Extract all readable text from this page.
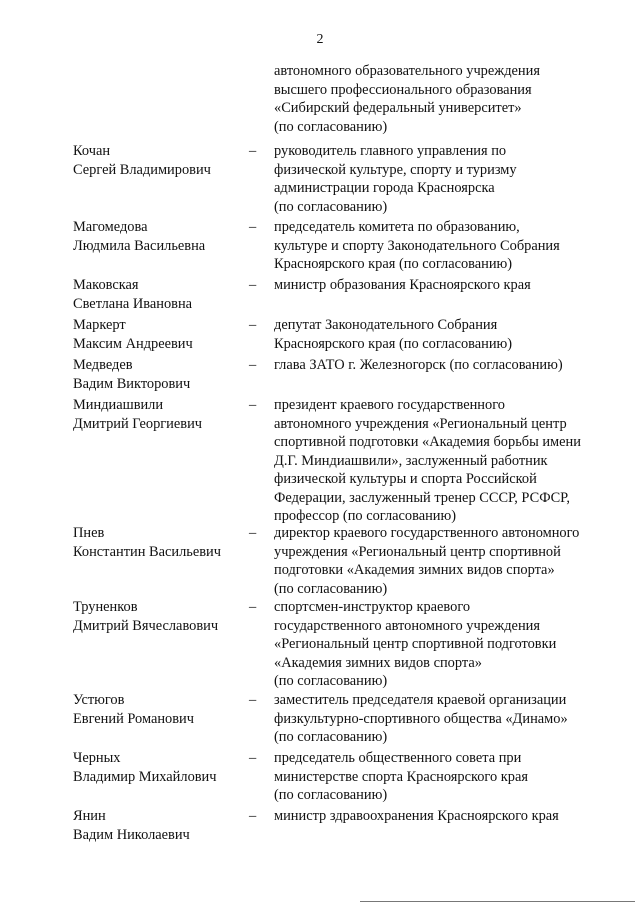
2
автономного образовательного учреждения
высшего профессионального образования
«Сибирский федеральный университет»
(по согласованию)
Кочан
Сергей Владимирович
– руководитель главного управления по
физической культуре, спорту и туризму
администрации города Красноярска
(по согласованию)
Магомедова
Людмила Васильевна
– председатель комитета по образованию,
культуре и спорту Законодательного Собрания
Красноярского края (по согласованию)
Маковская
Светлана Ивановна
– министр образования Красноярского края
Маркерт
Максим Андреевич
– депутат Законодательного Собрания
Красноярского края (по согласованию)
Медведев
Вадим Викторович
– глава ЗАТО г. Железногорск (по согласованию)
Миндиашвили
Дмитрий Георгиевич
– президент краевого государственного
автономного учреждения «Региональный центр
спортивной подготовки «Академия борьбы имени
Д.Г. Миндиашвили», заслуженный работник
физической культуры и спорта Российской
Федерации, заслуженный тренер СССР, РСФСР,
профессор (по согласованию)
Пнев
Константин Васильевич
– директор краевого государственного автономного
учреждения «Региональный центр спортивной
подготовки «Академия зимних видов спорта»
(по согласованию)
Труненков
Дмитрий Вячеславович
– спортсмен-инструктор краевого
государственного автономного учреждения
«Региональный центр спортивной подготовки
«Академия зимних видов спорта»
(по согласованию)
Устюгов
Евгений Романович
– заместитель председателя краевой организации
физкультурно-спортивного общества «Динамо»
(по согласованию)
Черных
Владимир Михайлович
– председатель общественного совета при
министерстве спорта Красноярского края
(по согласованию)
Янин
Вадим Николаевич
– министр здравоохранения Красноярского края
